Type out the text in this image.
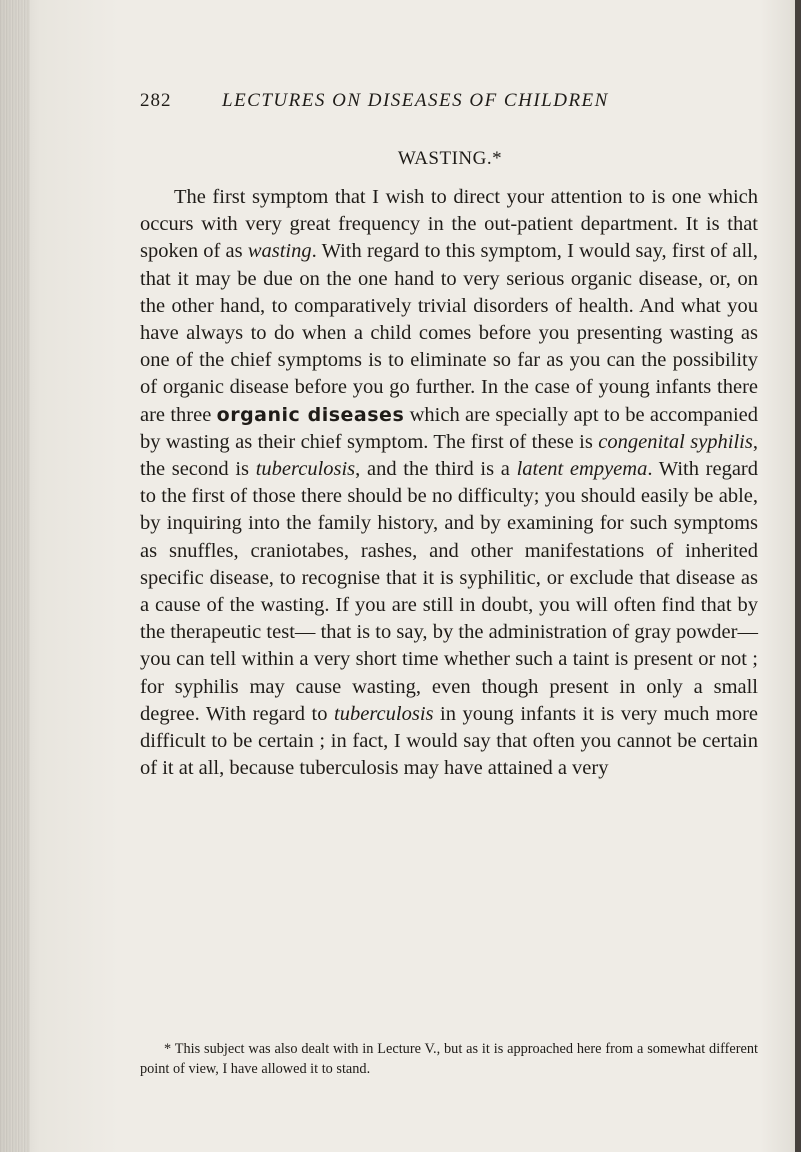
282	LECTURES ON DISEASES OF CHILDREN
WASTING.*

The first symptom that I wish to direct your attention to is one which occurs with very great frequency in the out-patient department. It is that spoken of as wasting. With regard to this symptom, I would say, first of all, that it may be due on the one hand to very serious organic disease, or, on the other hand, to comparatively trivial disorders of health. And what you have always to do when a child comes before you presenting wasting as one of the chief symptoms is to eliminate so far as you can the possibility of organic disease before you go further. In the case of young infants there are three organic diseases which are specially apt to be accompanied by wasting as their chief symptom. The first of these is congenital syphilis, the second is tuberculosis, and the third is a latent empyema. With regard to the first of those there should be no difficulty; you should easily be able, by inquiring into the family history, and by examining for such symptoms as snuffles, craniotabes, rashes, and other manifestations of inherited specific disease, to recognise that it is syphilitic, or exclude that disease as a cause of the wasting. If you are still in doubt, you will often find that by the therapeutic test— that is to say, by the administration of gray powder—you can tell within a very short time whether such a taint is present or not ; for syphilis may cause wasting, even though present in only a small degree. With regard to tuberculosis in young infants it is very much more difficult to be certain ; in fact, I would say that often you cannot be certain of it at all, because tuberculosis may have attained a very

* This subject was also dealt with in Lecture V., but as it is approached here from a somewhat different point of view, I have allowed it to stand.
